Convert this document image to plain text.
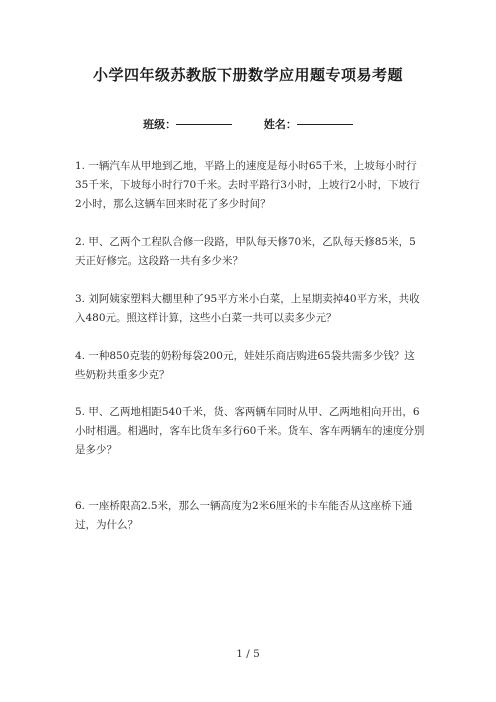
小学四年级苏教版下册数学应用题专项易考题
班级：	姓名：
1. 一辆汽车从甲地到乙地，平路上的速度是每小时65千米，上坡每小时行35千米，下坡每小时行70千米。去时平路行3小时，上坡行2小时，下坡行2小时，那么这辆车回来时花了多少时间？
2. 甲、乙两个工程队合修一段路，甲队每天修70米，乙队每天修85米，5天正好修完。这段路一共有多少米？
3. 刘阿姨家塑料大棚里种了95平方米小白菜，上星期卖掉40平方米，共收入480元。照这样计算，这些小白菜一共可以卖多少元？
4. 一种850克装的奶粉每袋200元，娃娃乐商店购进65袋共需多少钱？这些奶粉共重多少克？
5. 甲、乙两地相距540千米，货、客两辆车同时从甲、乙两地相向开出，6小时相遇。相遇时，客车比货车多行60千米。货车、客车两辆车的速度分别是多少？
6. 一座桥限高2.5米，那么一辆高度为2米6厘米的卡车能否从这座桥下通过，为什么？
1 / 5
